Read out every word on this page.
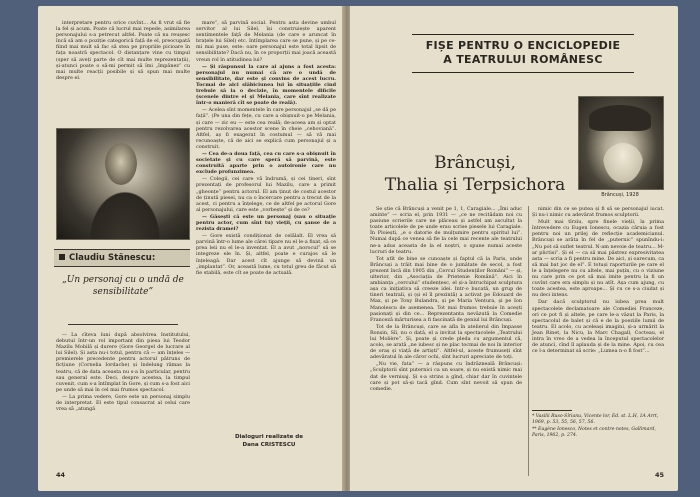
interpretare pentru orice cuvînt... As fi vrut să fie la fel și acum. Poate că lucrul mai repede, asimilarea personajului s-a petrecut altfel. Poate că nu reușesc încă să am o poziție categorică față de el, preocupată fiind mai mult să fac să stea pe propriile picioare în fața noastră spectacol. O distanțare vine cu timpul (sper să aveți parte de cît mai multe reprezentații), și-atunci poate o să-mi permit să îmi „împănez” cu mai multe reacții posibile și să spun mai multe despre el.

Claudiu Stănescu:
„Un personaj cu o undă de sensibilitate”

— La cîteva luni după absolvirea Institutului, debutul într-un rol important din piesa lui Teodor Mazilu Mobilă și durere (Gore Georgel de lucrare al lui Silel). Și asta nu-i totul, pentru că — am înțeles — premierele precedente pentru actorul pătruns de ficțiune (Cornelia Iordache) și îndelung rămas la teatru, că de data aceasta nu s-a în particular, pentru sau general este. Deci, despre acestea, la timpul cuvenit, cum s-a întîmplat în Gore, și cum s-a fost aici pe unde să mai în cel mai frumos spectacol.

— La prima vedere, Gore este un personaj simplu de interpretat. El este tipul consacrat al celui care vrea să „atungă

mare”, să parvină social. Pentru asta devine umbul servitor al lui Silel, își construiește aparent sentimentele față de Melania (de care e aruncat în brațele lui Silel) etc. Intîmplarea care se pune, și pe ce-mi mai puse, este: oare personajul este total lipsit de sensibilitate? Dacă nu, în ce proporții mai joacă această vreun rol în atitudinea lui?

— Și răspunsul la care ai ajuns a fost acesta: personajul nu numai că are o undă de sensibilitate, dar este și convins de acest lucru. Tocmai de aici slăbiciunea lui în situațiile cind trebuie să ia o decizie, în momentele dificile (scenele dintre el și Melania, care sînt realizate într-o manieră cît se poate de reală).

— Acelea sînt momentele în care personajul „se dă pe față”. (Pe una din fețe, cu care a obișnuit-o pe Melania, și care — zic eu — este cea reală; de-aceea am și optat pentru rezolvarea acestor scene în cheie „cehoviană”. Altfel, aș fi exagerat în costumul — să vă mai recunoaște, că de aici se explică cum personajul și a construit.

— Cea de-a doua față, cea cu care s-a obișnuit în societate și cu care speră să parvină, este construită aparte prin o autoironie care nu exclude profunzimea.

— Colegii, cei care vă îndrumă, și cei tineri, sînt prezentați de profesorul lui Mazilu, care a primit „gheonțe” pentru actorul. El am ținut de costul acestor de ținută piesei, nu ca o încercare pentru a trecut de la acest, ci pentru a înțelege, ce de altfel pe actorul Gore al personajului, care este „vorbește” și de ce?

— Găsești că este un personaj (sau o situație pentru actor, cum sînt tu) vieții, cu șanse de a rezista dramei?

— Gore există condiționat de celălalt. El vrea să parvină într-o lume ale cărei tipare nu el le-a fixat, să ce prea leii nu el le-a inventat. El a avut „norocul” să se integreze ele în. Și, altfel, poate e curajos să le înțeleagă. Dar acest cît ajunge să devină un „implantat”. Or, această lume, cu totul greu de făcut să fie stabilă, este cît se poate de actuală.

Dialoguri realizate de
Dana CRISTESCU
44
FIȘE PENTRU O ENCICLOPEDIE
A TEATRULUI ROMÂNESC
Brâncuși,
Thalia și Terpsichora	Brâncuși, 1928

Se știe că Brâncuși a venit pe 1, 1, Caragiale... „Îmi aduc aminte” — scria el, prin 1931 — „ce ne recitădam noi cu pasiune scrierile care ne plăceau și astfel am ascultat la toate articolele de pe unde erau scrise piesele lui Caragiale. În Ploiești, „e o datorie de mulțumire pentru spiritul lui”. Numai după ce venea să fie la cele mai recente ale teatrului ne-a adus aceasta de la el noștri, o spune numai aceste lucruri de teatru.

Tot atît de bine se cunoaște și faptul că la Paris, unde Brâncuși a trăit mai bine de o jumătate de secol, a fost prezent încă din 1905 din „Cercul Studenților Români” — și, ulterior, din „Asociația de Prietenie Română”. Aici în ambianța „cercului” studențesc, el și-a întruchipat sculptura așa ca inițiativa să creeze idei. Intr-o bucată, un grup de tineri teatrali, și (și el îl prezintă) a activat pe Edouard de Max, și pe Tony Bulandra, și pe Maria Ventura, și pe Ion Manolescu de asemenea. Tot mai frumos trebuie în acești pasionați și din ce... Reprezentanta nevăzută la Comedie Franceză mărturisea a fi fascinată de geniul lui Brâncuși.

Tot de la Brâncuși, care se afla în atelierul din Impasse Ronsin, Sîi, nu o dată, el a invitat la spectacolele „Teatrului lui Molière”. Și, poate și crede pleda cu argumentul că, acolo, se arată „ne iubesc și ne plac tocmai de noi în interior de oraș și viață de artiști”. Altfel-ul, aceste frumuseți sînt adevăratul în ale căror ochi, sînt lucruri apreciate de toți.

„Nu vie, fata” — a răspuns cu îndrăzneală Brâncuși: „Sculptorii sînt puternici ca un soare, și nu există nimic mai dat de vernisaj. Și s-a strins a gînd, chiar dar în cuvintele care și pot să-și tacă gînd. Cum sînt nevoit să spun de comedie.

nimic din ce se putea și fi să se personajul iucat. Și nu-i nimic cu adevărat frumos sculptorii.

Mult mai tîrziu, spre finele vieții, la prima întrevedere cu Eugen Ionescu, ocazia căruia a fost pentru noi un prilej de reflecție academicianul. Brâncuși se arăta în fel de „puternic” spunîndu-i: „Nu pot să suflet teatrul. N-am nevoie de teatru... M-ar plictisi”. Și el — ca să mai păstrez expresivitatea asta — scria a fi pentru mine. De aici, și oarecum, ca să mai bat joc de el”. E totuși raporturile pe care el le a înțelegere nu cu altele, mai puțin, cu o viziune nu care prin ce pot să mai imite pentru la fi un cuvînt care era simplu și nu atît. Așa cum ajung, cu toate acestea, este aproape... Și cu ce s-a ciudat și nu deci intens.

Dar dacă sculptorul nu iubea prea mult spectacolele declamatoare ale Comediei Franceze, ori ce pot fi și altele, pe care le-a văzut la Paris, la spectacolul de balet și că e de la poeziile lumii de teatru. El acolo, cu aceleași imagini, și-a urmărit la Jean Rinet, la Nicu, la Marc Chagall, Cocteau, el intra în vreo de a vedea la începutul spectacolelor de atunci, cînd îl aplauda și de la mine. Apoi, cu cea ce l-a determinat să scrie: „Lumea n-o fi fost”...

* Vasilii Ruso-Sîrianu, Vicente lor, Ed. st. L.H, 1A Arrt, 1969, p. 53, 55, 56, 57, 56.

** Eugène Ionesco, Notes et contre-notes, Gallimard, Paris, 1962, p. 274.

45
